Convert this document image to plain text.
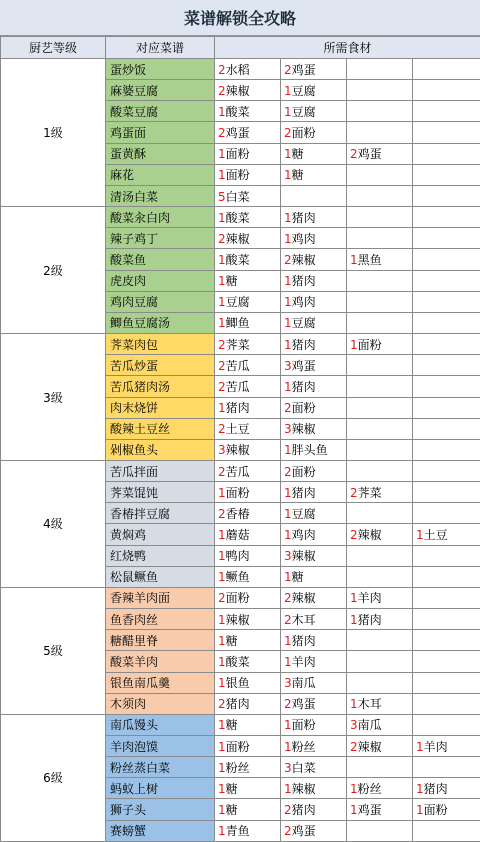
菜谱解锁全攻略
厨艺等级	对应菜谱	所需食材			
1级	蛋炒饭	2水稻	2鸡蛋		
	麻婆豆腐	2辣椒	1豆腐		
	酸菜豆腐	1酸菜	1豆腐		
	鸡蛋面	2鸡蛋	2面粉		
	蛋黄酥	1面粉	1糖	2鸡蛋	
	麻花	1面粉	1糖		
	清汤白菜	5白菜			
2级	酸菜汆白肉	1酸菜	1猪肉		
	辣子鸡丁	2辣椒	1鸡肉		
	酸菜鱼	1酸菜	2辣椒	1黑鱼	
	虎皮肉	1糖	1猪肉		
	鸡肉豆腐	1豆腐	1鸡肉		
	鲫鱼豆腐汤	1鲫鱼	1豆腐		
3级	荠菜肉包	2荠菜	1猪肉	1面粉	
	苦瓜炒蛋	2苦瓜	3鸡蛋		
	苦瓜猪肉汤	2苦瓜	1猪肉		
	肉末烧饼	1猪肉	2面粉		
	酸辣土豆丝	2土豆	3辣椒		
	剁椒鱼头	3辣椒	1胖头鱼		
4级	苦瓜拌面	2苦瓜	2面粉		
	荠菜馄饨	1面粉	1猪肉	2荠菜	
	香椿拌豆腐	2香椿	1豆腐		
	黄焖鸡	1蘑菇	1鸡肉	2辣椒	1土豆
	红烧鸭	1鸭肉	3辣椒		
	松鼠鳜鱼	1鳜鱼	1糖		
5级	香辣羊肉面	2面粉	2辣椒	1羊肉	
	鱼香肉丝	1辣椒	2木耳	1猪肉	
	糖醋里脊	1糖	1猪肉		
	酸菜羊肉	1酸菜	1羊肉		
	银鱼南瓜羹	1银鱼	3南瓜		
	木须肉	2猪肉	2鸡蛋	1木耳	
6级	南瓜馒头	1糖	1面粉	3南瓜	
	羊肉泡馍	1面粉	1粉丝	2辣椒	1羊肉
	粉丝蒸白菜	1粉丝	3白菜		
	蚂蚁上树	1糖	1辣椒	1粉丝	1猪肉
	狮子头	1糖	2猪肉	1鸡蛋	1面粉
	赛螃蟹	1青鱼	2鸡蛋		
